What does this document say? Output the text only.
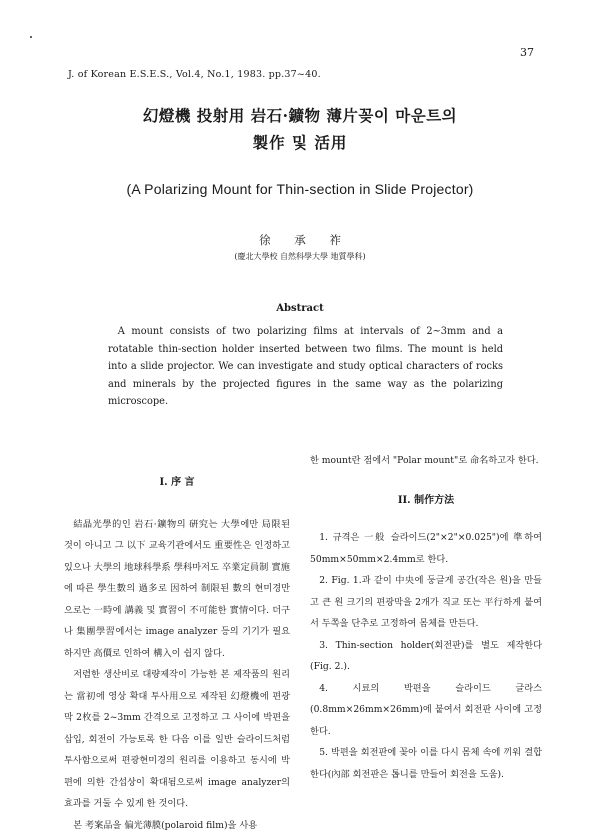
37
J. of Korean E.S.E.S., Vol.4, No.1, 1983. pp.37~40.
幻燈機 投射用 岩石·鑛物 薄片꽂이 마운트의
製作 및 活用
(A Polarizing Mount for Thin-section in Slide Projector)
徐 承 祚
(慶北大學校 自然科學大學 地質學科)
Abstract
A mount consists of two polarizing films at intervals of 2~3mm and a rotatable thin-section holder inserted between two films. The mount is held into a slide projector. We can investigate and study optical characters of rocks and minerals by the projected figures in the same way as the polarizing microscope.

I. 序 言

結晶光學的인 岩石·鑛物의 硏究는 大學에만 局限된 것이 아니고 그 以下 교육기관에서도 重要性은 인정하고 있으나 大學의 地球科學系 學科마저도 卒業定員制 實施에 따른 學生數의 過多로 因하여 制限된 數의 현미경만으로는 一時에 講義 및 實習이 不可能한 實情이다. 더구나 集團學習에서는 image analyzer 등의 기기가 필요하지만 高價로 인하여 構入이 쉽지 않다.

저렴한 생산비로 대량제작이 가능한 본 제작품의 원리는 當初에 영상 확대 투사用으로 제작된 幻燈機에 편광막 2枚를 2~3mm 간격으로 고정하고 그 사이에 박편을 삽입, 회전이 가능토록 한 다음 이를 일반 슬라이드처럼 투사함으로써 편광현미경의 원리를 이용하고 동시에 박편에 의한 간섭상이 확대됨으로써 image analyzer의 효과를 거둘 수 있게 한 것이다.

본 考案品을 偏光薄膜(polaroid film)을 사용

한 mount란 점에서 "Polar mount"로 命名하고자 한다.

II. 制作方法

1. 규격은 一般 슬라이드(2"×2"×0.025")에 準하여 50mm×50mm×2.4mm로 한다.

2. Fig. 1.과 같이 中央에 둥글게 공간(작은 원)을 만들고 큰 원 크기의 편광막을 2개가 직교 또는 平行하게 붙여서 두쪽을 단추로 고정하여 몸체를 만든다.

3. Thin-section holder(회전판)를 별도 제작한다(Fig. 2.).

4. 시료의 박편을 슬라이드 글라스(0.8mm×26mm×26mm)에 붙여서 회전판 사이에 고정한다.

5. 박편을 회전판에 꽂아 이를 다시 몸체 속에 끼워 결합한다(內部 회전판은 톱니를 만들어 회전을 도움).
